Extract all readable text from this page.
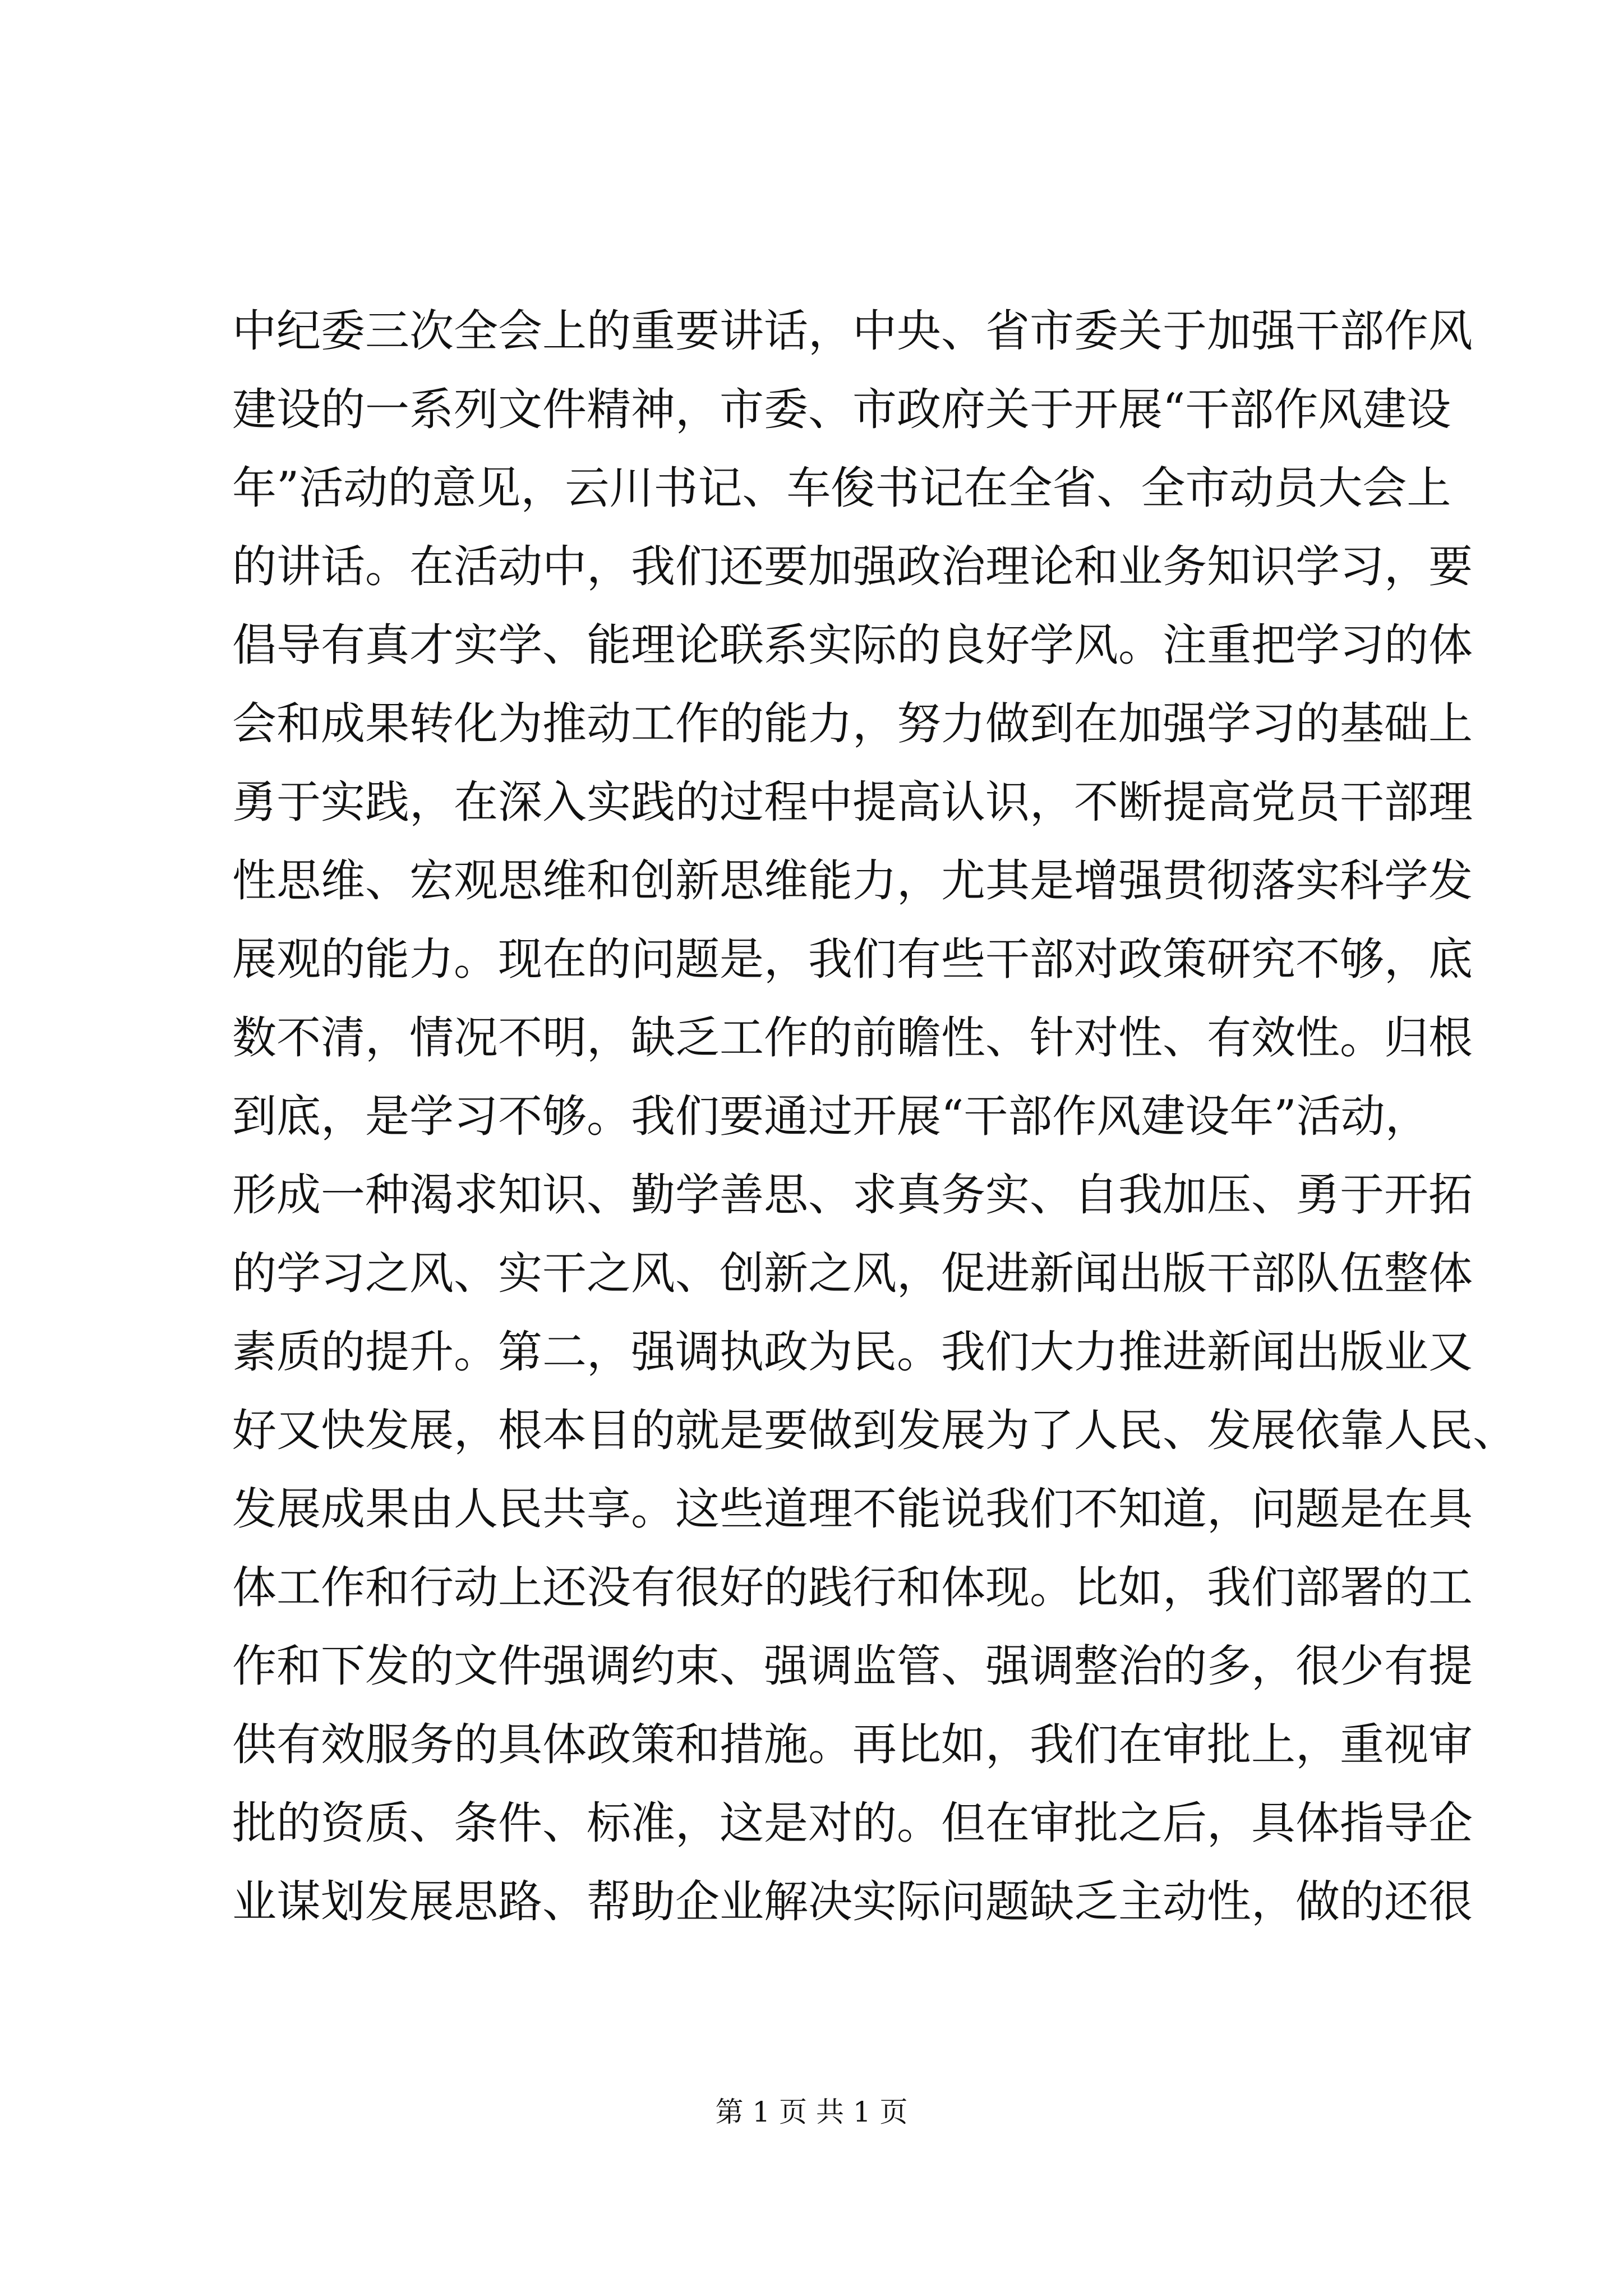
中纪委三次全会上的重要讲话，中央、省市委关于加强干部作风
建设的一系列文件精神，市委、市政府关于开展“干部作风建设
年”活动的意见，云川书记、车俊书记在全省、全市动员大会上
的讲话。在活动中，我们还要加强政治理论和业务知识学习，要
倡导有真才实学、能理论联系实际的良好学风。注重把学习的体
会和成果转化为推动工作的能力，努力做到在加强学习的基础上
勇于实践，在深入实践的过程中提高认识，不断提高党员干部理
性思维、宏观思维和创新思维能力，尤其是增强贯彻落实科学发
展观的能力。现在的问题是，我们有些干部对政策研究不够，底
数不清，情况不明，缺乏工作的前瞻性、针对性、有效性。归根
到底，是学习不够。我们要通过开展“干部作风建设年”活动，
形成一种渴求知识、勤学善思、求真务实、自我加压、勇于开拓
的学习之风、实干之风、创新之风，促进新闻出版干部队伍整体
素质的提升。第二，强调执政为民。我们大力推进新闻出版业又
好又快发展，根本目的就是要做到发展为了人民、发展依靠人民、
发展成果由人民共享。这些道理不能说我们不知道，问题是在具
体工作和行动上还没有很好的践行和体现。比如，我们部署的工
作和下发的文件强调约束、强调监管、强调整治的多，很少有提
供有效服务的具体政策和措施。再比如，我们在审批上，重视审
批的资质、条件、标准，这是对的。但在审批之后，具体指导企
业谋划发展思路、帮助企业解决实际问题缺乏主动性，做的还很
第 1 页 共 1 页
